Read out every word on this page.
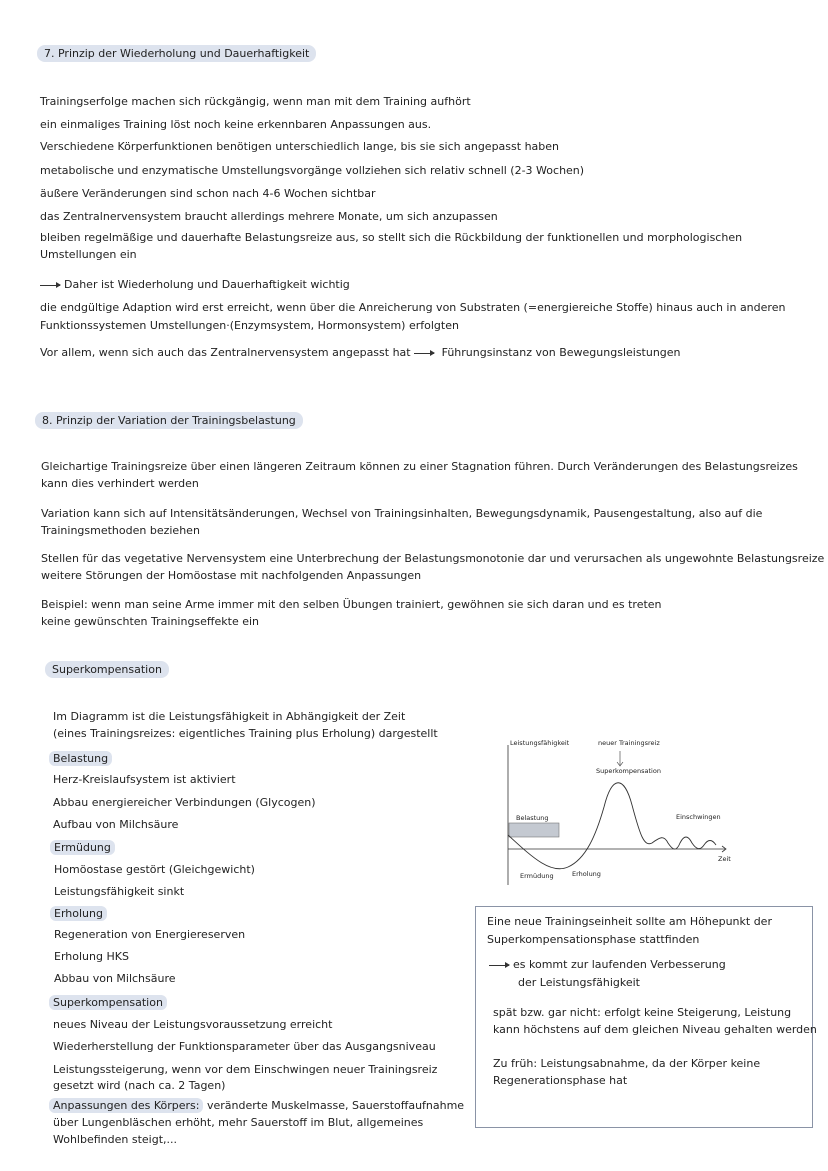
7. Prinzip der Wiederholung und Dauerhaftigkeit
Trainingserfolge machen sich rückgängig, wenn man mit dem Training aufhört
ein einmaliges Training löst noch keine erkennbaren Anpassungen aus.
Verschiedene Körperfunktionen benötigen unterschiedlich lange, bis sie sich angepasst haben
metabolische und enzymatische Umstellungsvorgänge vollziehen sich relativ schnell (2-3 Wochen)
äußere Veränderungen sind schon nach 4-6 Wochen sichtbar
das Zentralnervensystem braucht allerdings mehrere Monate, um sich anzupassen
bleiben regelmäßige und dauerhafte Belastungsreize aus, so stellt sich die Rückbildung der funktionellen und morphologischen
Umstellungen ein
Daher ist Wiederholung und Dauerhaftigkeit wichtig
die endgültige Adaption wird erst erreicht, wenn über die Anreicherung von Substraten (=energiereiche Stoffe) hinaus auch in anderen
Funktionssystemen Umstellungen·(Enzymsystem, Hormonsystem) erfolgten
Vor allem, wenn sich auch das Zentralnervensystem angepasst hat	Führungsinstanz von Bewegungsleistungen
8. Prinzip der Variation der Trainingsbelastung
Gleichartige Trainingsreize über einen längeren Zeitraum können zu einer Stagnation führen. Durch Veränderungen des Belastungsreizes
kann dies verhindert werden
Variation kann sich auf Intensitätsänderungen, Wechsel von Trainingsinhalten, Bewegungsdynamik, Pausengestaltung, also auf die
Trainingsmethoden beziehen
Stellen für das vegetative Nervensystem eine Unterbrechung der Belastungsmonotonie dar und verursachen als ungewohnte Belastungsreize
weitere Störungen der Homöostase mit nachfolgenden Anpassungen
Beispiel: wenn man seine Arme immer mit den selben Übungen trainiert, gewöhnen sie sich daran und es treten
keine gewünschten Trainingseffekte ein
Superkompensation
Im Diagramm ist die Leistungsfähigkeit in Abhängigkeit der Zeit
(eines Trainingsreizes: eigentliches Training plus Erholung) dargestellt
Belastung
Herz-Kreislaufsystem ist aktiviert
Abbau energiereicher Verbindungen (Glycogen)
Aufbau von Milchsäure
Ermüdung
Homöostase gestört (Gleichgewicht)
Leistungsfähigkeit sinkt
Erholung
Regeneration von Energiereserven
Erholung HKS
Abbau von Milchsäure
Superkompensation
neues Niveau der Leistungsvoraussetzung erreicht
Wiederherstellung der Funktionsparameter über das Ausgangsniveau
Leistungssteigerung, wenn vor dem Einschwingen neuer Trainingsreiz
gesetzt wird (nach ca. 2 Tagen)
Anpassungen des Körpers: veränderte Muskelmasse, Sauerstoffaufnahme
über Lungenbläschen erhöht, mehr Sauerstoff im Blut, allgemeines
Wohlbefinden steigt,...
Leistungsfähigkeit	neuer Trainingsreiz
Superkompensation
Belastung	Einschwingen
Zeit
Ermüdung	Erholung
Eine neue Trainingseinheit sollte am Höhepunkt der
Superkompensationsphase stattfinden
es kommt zur laufenden Verbesserung
der Leistungsfähigkeit
spät bzw. gar nicht: erfolgt keine Steigerung, Leistung
kann höchstens auf dem gleichen Niveau gehalten werden
Zu früh: Leistungsabnahme, da der Körper keine
Regenerationsphase hat
